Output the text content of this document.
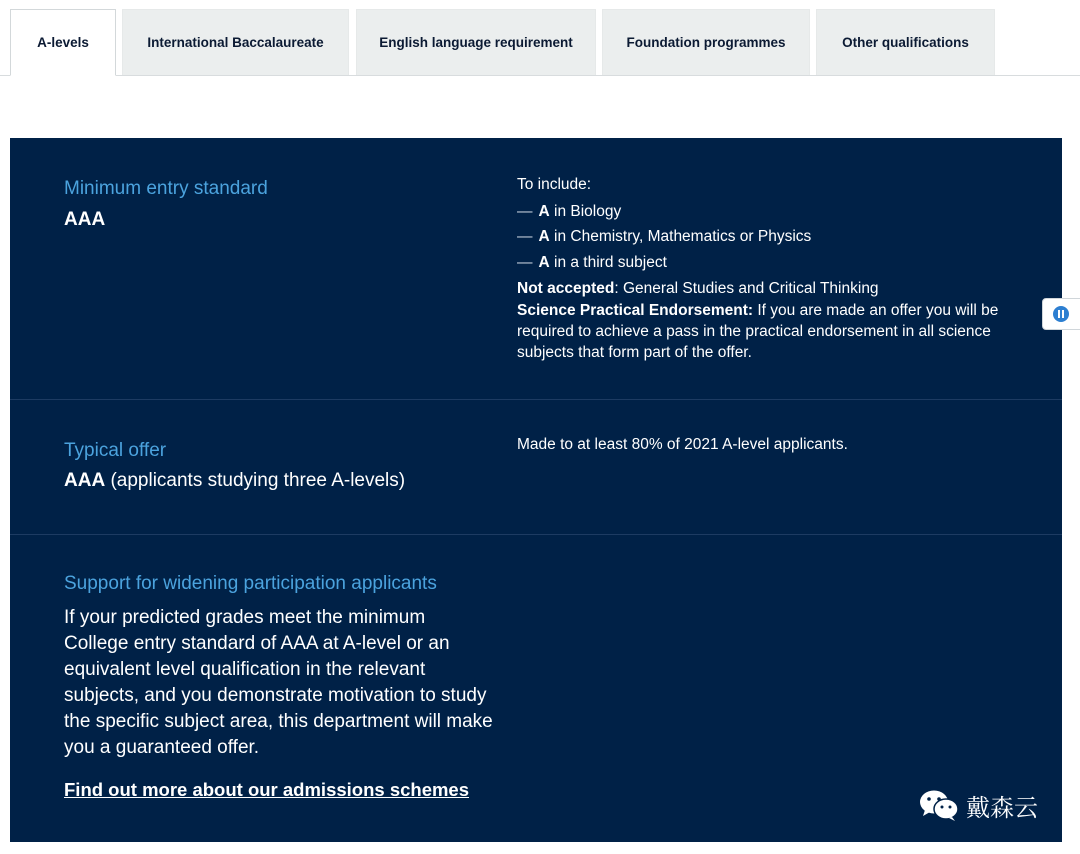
A-levels	International Baccalaureate	English language requirement	Foundation programmes	Other qualifications
Minimum entry standard
AAA
To include:
— A in Biology
— A in Chemistry, Mathematics or Physics
— A in a third subject
Not accepted: General Studies and Critical Thinking
Science Practical Endorsement: If you are made an offer you will be required to achieve a pass in the practical endorsement in all science subjects that form part of the offer.
Typical offer
AAA (applicants studying three A-levels)
Made to at least 80% of 2021 A-level applicants.
Support for widening participation applicants
If your predicted grades meet the minimum College entry standard of AAA at A-level or an equivalent level qualification in the relevant subjects, and you demonstrate motivation to study the specific subject area, this department will make you a guaranteed offer.
Find out more about our admissions schemes
戴森云
